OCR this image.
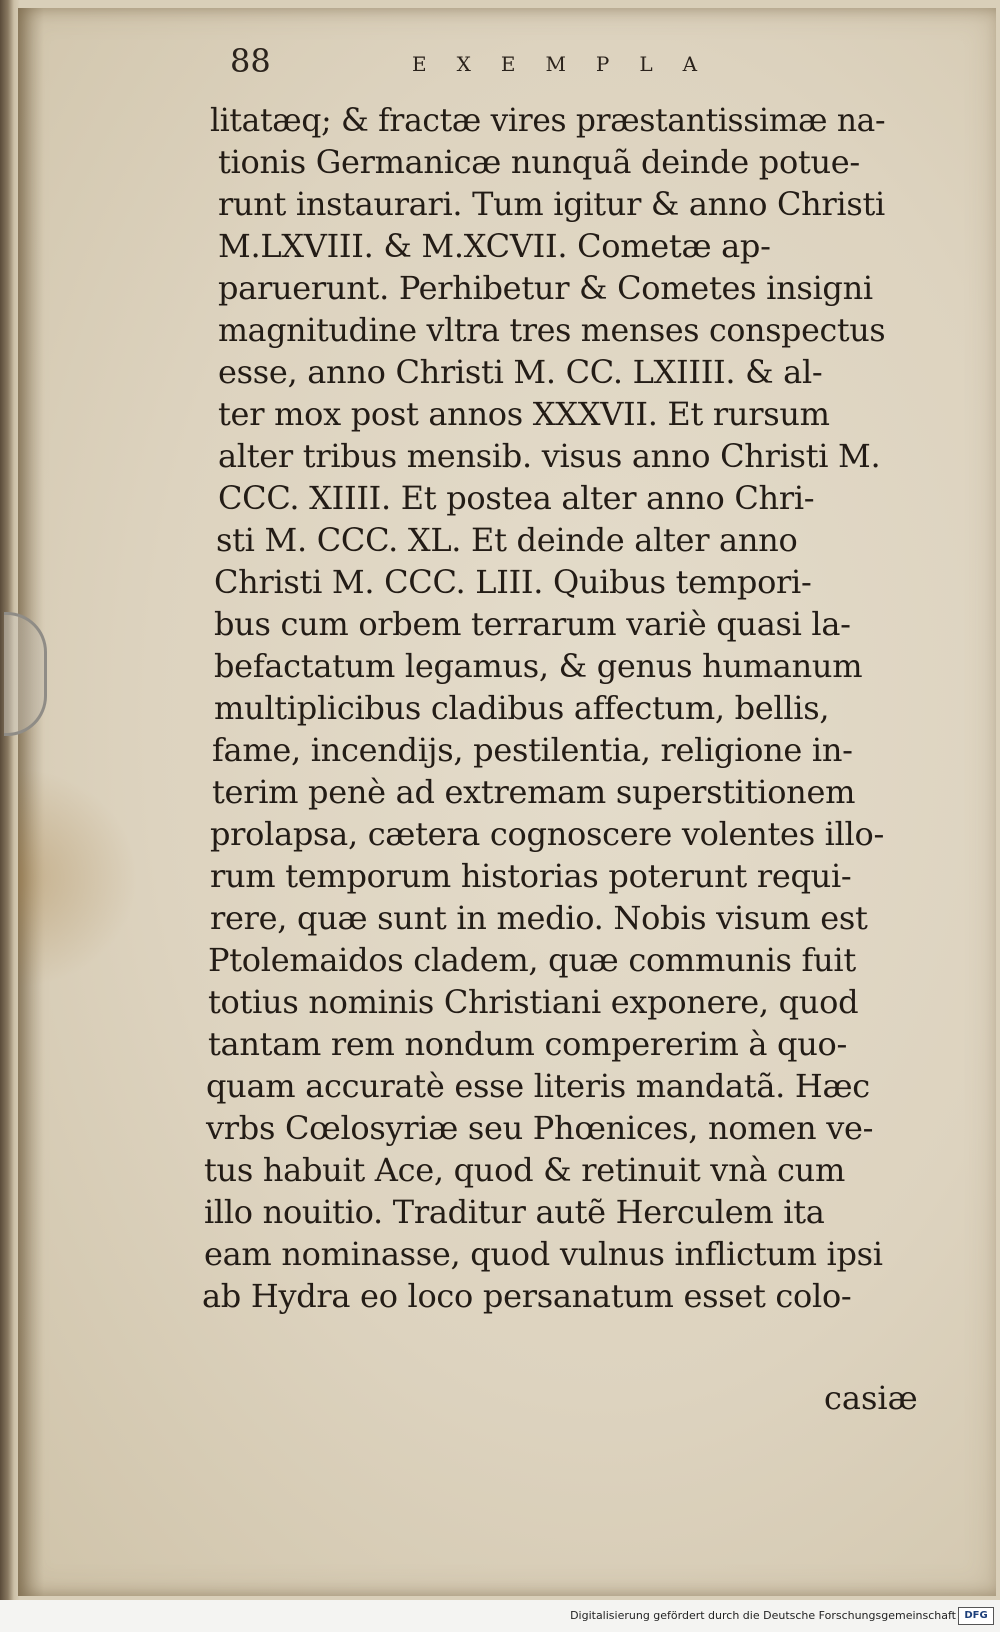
88	EXEMPLA
litatæq; & fractæ vires præstantissimæ na-
tionis Germanicæ nunquã deinde potue-
runt instaurari. Tum igitur & anno Christi
M.LXVIII. & M.XCVII. Cometæ ap-
paruerunt. Perhibetur & Cometes insigni
magnitudine vltra tres menses conspectus
esse, anno Christi M. CC. LXIIII. & al-
ter mox post annos XXXVII. Et rursum
alter tribus mensib. visus anno Christi M.
CCC. XIIII. Et postea alter anno Chri-
sti M. CCC. XL. Et deinde alter anno
Christi M. CCC. LIII. Quibus tempori-
bus cum orbem terrarum variè quasi la-
befactatum legamus, & genus humanum
multiplicibus cladibus affectum, bellis,
fame, incendijs, pestilentia, religione in-
terim penè ad extremam superstitionem
prolapsa, cætera cognoscere volentes illo-
rum temporum historias poterunt requi-
rere, quæ sunt in medio. Nobis visum est
Ptolemaidos cladem, quæ communis fuit
totius nominis Christiani exponere, quod
tantam rem nondum compererim à quo-
quam accuratè esse literis mandatã. Hæc
vrbs Cœlosyriæ seu Phœnices, nomen ve-
tus habuit Ace, quod & retinuit vnà cum
illo nouitio. Traditur autẽ Herculem ita
eam nominasse, quod vulnus inflictum ipsi
ab Hydra eo loco persanatum esset colo-
casiæ
Digitalisierung gefördert durch die Deutsche Forschungsgemeinschaft DFG
